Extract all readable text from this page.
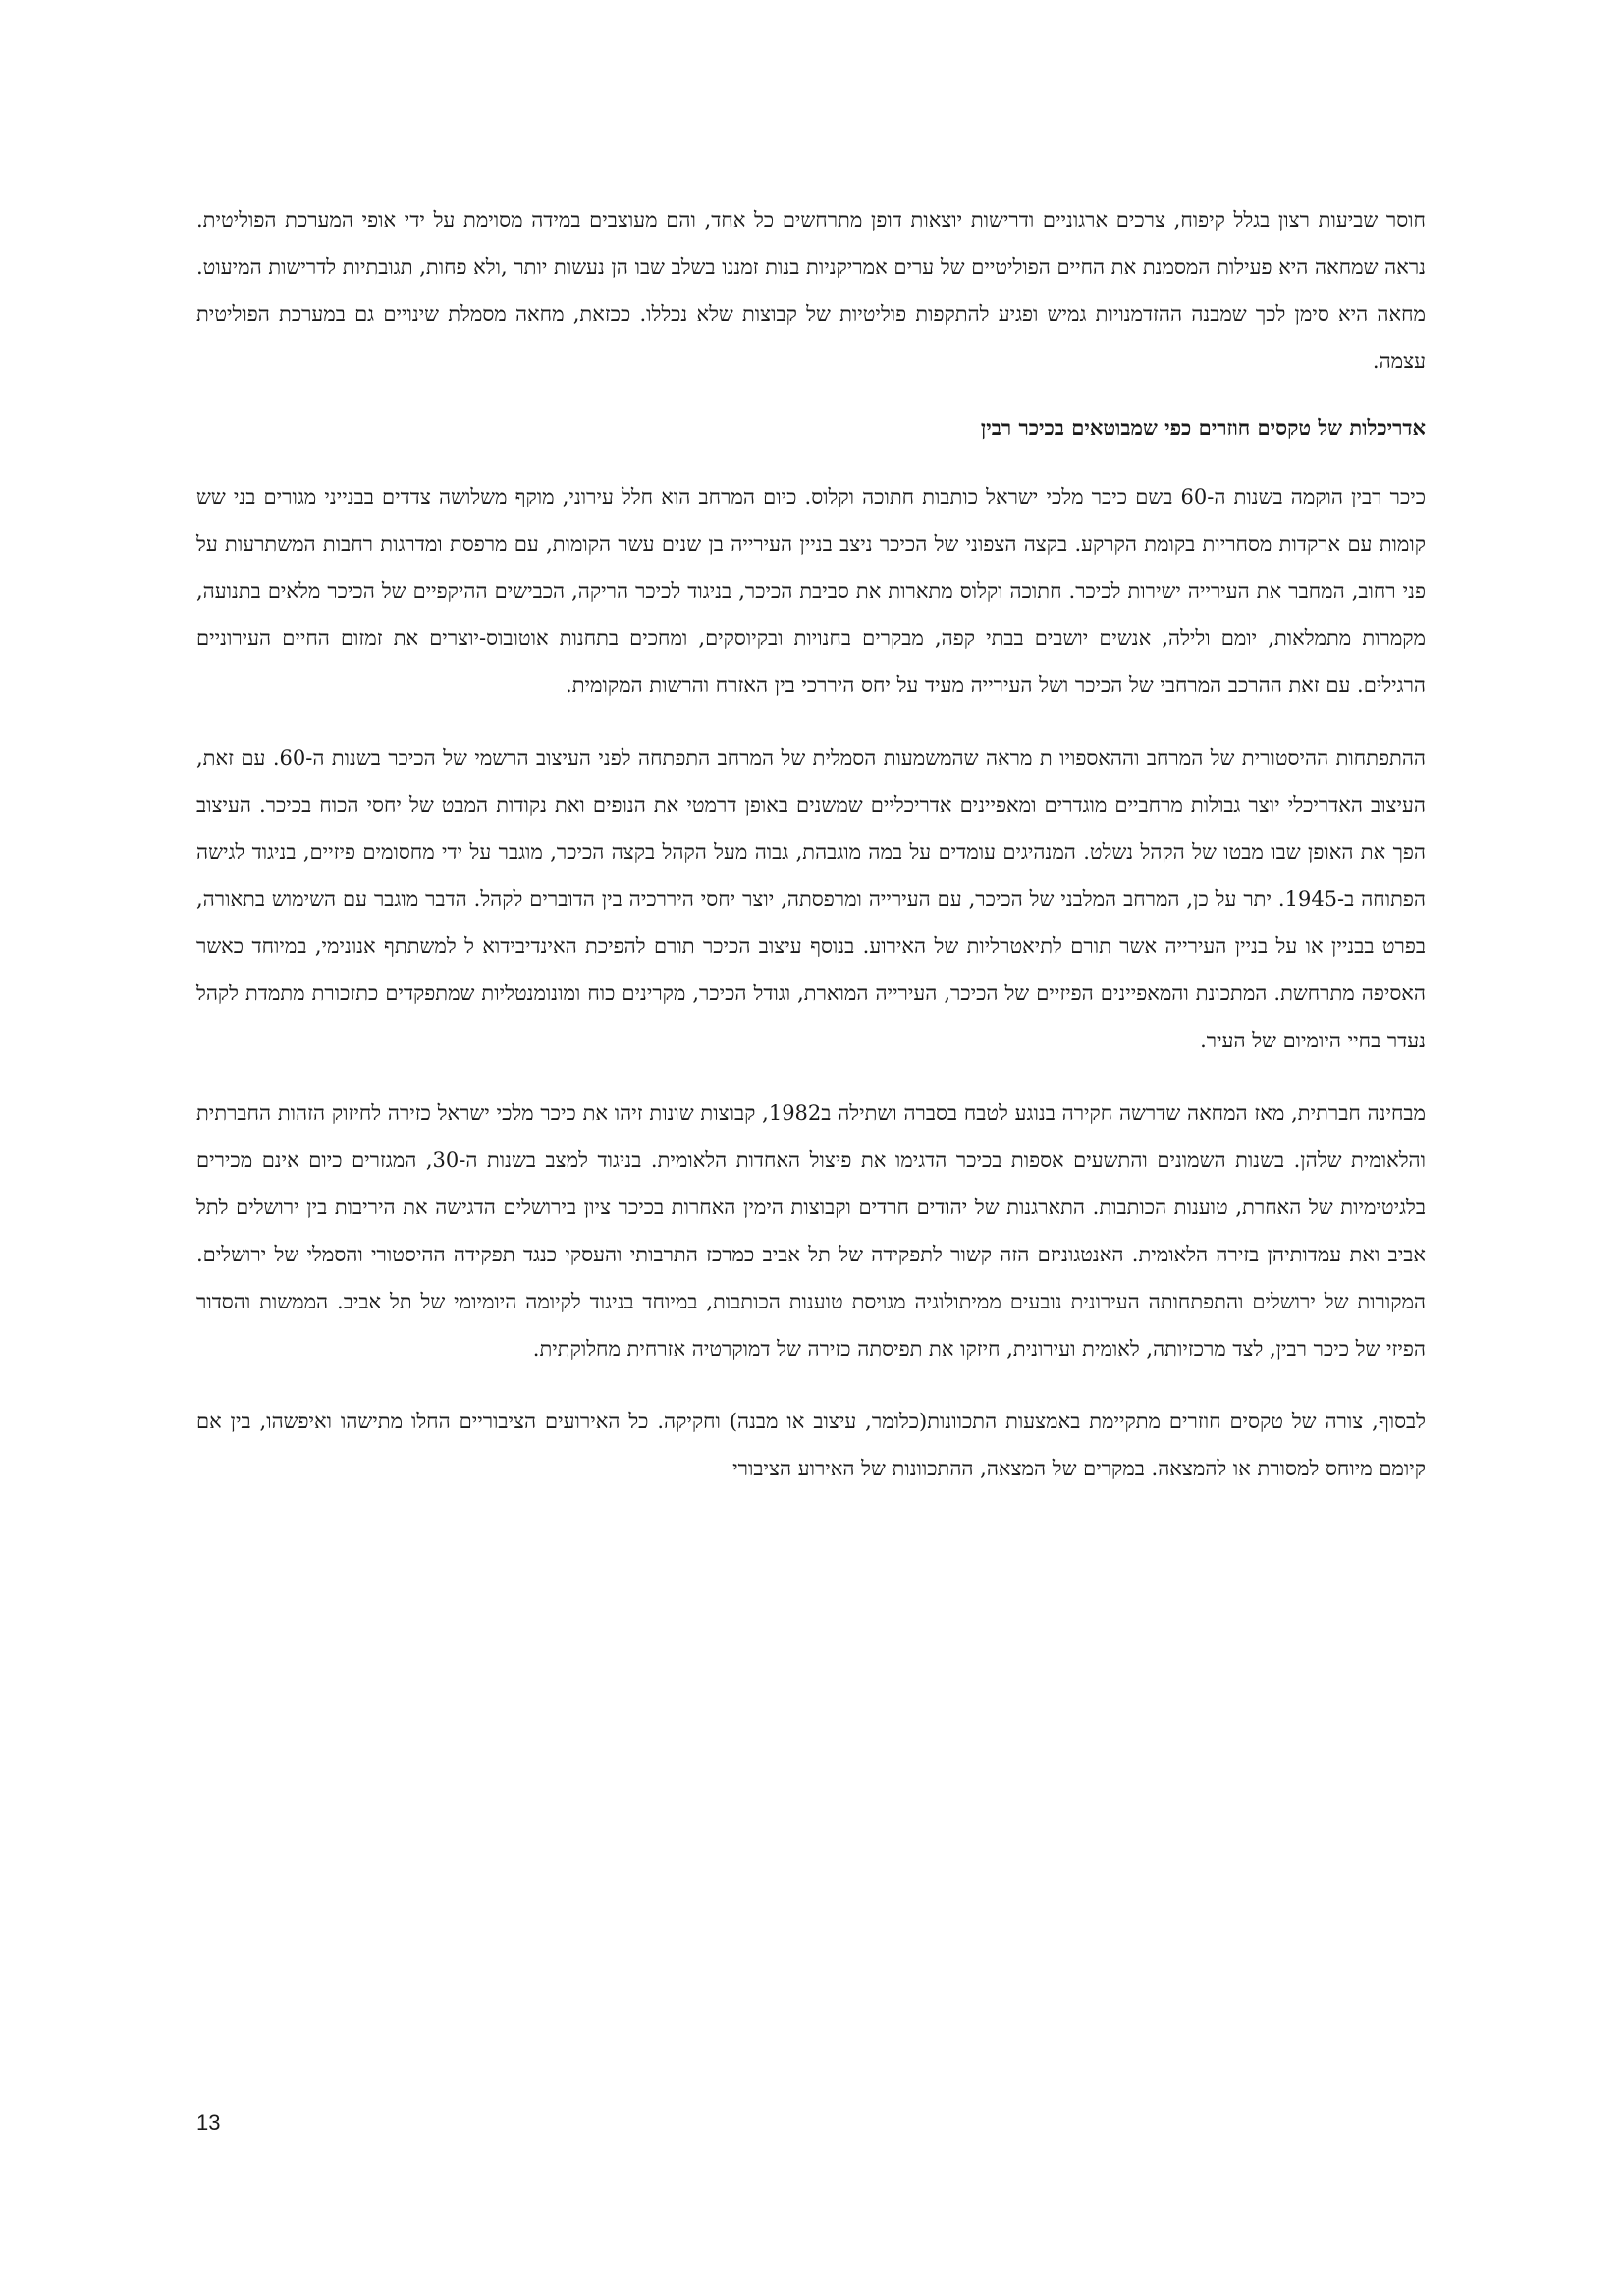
חוסר שביעות רצון בגלל קיפוח, צרכים ארגוניים ודרישות יוצאות דופן מתרחשים כל אחד, והם מעוצבים במידה מסוימת על ידי אופי המערכת הפוליטית. נראה שמחאה היא פעילות המסמנת את החיים הפוליטיים של ערים אמריקניות בנות זמננו בשלב שבו הן נעשות יותר ,ולא פחות, תגובתיות לדרישות המיעוט. מחאה היא סימן לכך שמבנה ההזדמנויות גמיש ופגיע להתקפות פוליטיות של קבוצות שלא נכללו. ככזאת, מחאה מסמלת שינויים גם במערכת הפוליטית עצמה.

אדריכלות של טקסים חוזרים כפי שמבוטאים בכיכר רבין

כיכר רבין הוקמה בשנות ה-60 בשם כיכר מלכי ישראל כותבות חתוכה וקלוס. כיום המרחב הוא חלל עירוני, מוקף משלושה צדדים בבנייני מגורים בני שש קומות עם ארקדות מסחריות בקומת הקרקע. בקצה הצפוני של הכיכר ניצב בניין העירייה בן שנים עשר הקומות, עם מרפסת ומדרגות רחבות המשתרעות על פני רחוב, המחבר את העירייה ישירות לכיכר. חתוכה וקלוס מתארות את סביבת הכיכר, בניגוד לכיכר הריקה, הכבישים ההיקפיים של הכיכר מלאים בתנועה, מקמרות מתמלאות, יומם ולילה, אנשים יושבים בבתי קפה, מבקרים בחנויות ובקיוסקים, ומחכים בתחנות אוטובוס-יוצרים את זמזום החיים העירוניים הרגילים. עם זאת ההרכב המרחבי של הכיכר ושל העירייה מעיד על יחס היררכי בין האזרח והרשות המקומית.

ההתפתחות ההיסטורית של המרחב וההאספויו ת מראה שהמשמעות הסמלית של המרחב התפתחה לפני העיצוב הרשמי של הכיכר בשנות ה-60. עם זאת, העיצוב האדריכלי יוצר גבולות מרחביים מוגדרים ומאפיינים אדריכליים שמשנים באופן דרמטי את הנופים ואת נקודות המבט של יחסי הכוח בכיכר. העיצוב הפך את האופן שבו מבטו של הקהל נשלט. המנהיגים עומדים על במה מוגבהת, גבוה מעל הקהל בקצה הכיכר, מוגבר על ידי מחסומים פיזיים, בניגוד לגישה הפתוחה ב-1945. יתר על כן, המרחב המלבני של הכיכר, עם העירייה ומרפסתה, יוצר יחסי היררכיה בין הדוברים לקהל. הדבר מוגבר עם השימוש בתאורה, בפרט בבניין או על בניין העירייה אשר תורם לתיאטרליות של האירוע. בנוסף עיצוב הכיכר תורם להפיכת האינדיבידוא ל למשתתף אנונימי, במיוחד כאשר האסיפה מתרחשת. המתכונת והמאפיינים הפיזיים של הכיכר, העירייה המוארת, וגודל הכיכר, מקרינים כוח ומונומנטליות שמתפקדים כתזכורת מתמדת לקהל נעדר בחיי היומיום של העיר.

מבחינה חברתית, מאז המחאה שדרשה חקירה בנוגע לטבח בסברה ושתילה ב1982, קבוצות שונות זיהו את כיכר מלכי ישראל כזירה לחיזוק הזהות החברתית והלאומית שלהן. בשנות השמונים והתשעים אספות בכיכר הדגימו את פיצול האחדות הלאומית. בניגוד למצב בשנות ה-30, המגזרים כיום אינם מכירים בלגיטימיות של האחרת, טוענות הכותבות. התארגנות של יהודים חרדים וקבוצות הימין האחרות בכיכר ציון בירושלים הדגישה את היריבות בין ירושלים לתל אביב ואת עמדותיהן בזירה הלאומית. האנטגוניזם הזה קשור לתפקידה של תל אביב כמרכז התרבותי והעסקי כנגד תפקידה ההיסטורי והסמלי של ירושלים. המקורות של ירושלים והתפתחותה העירונית נובעים ממיתולוגיה מגויסת טוענות הכותבות, במיוחד בניגוד לקיומה היומיומי של תל אביב. הממשות והסדור הפיזי של כיכר רבין, לצד מרכזיותה, לאומית ועירונית, חיזקו את תפיסתה כזירה של דמוקרטיה אזרחית מחלוקתית.

לבסוף, צורה של טקסים חוזרים מתקיימת באמצעות התכוונות(כלומר, עיצוב או מבנה) וחקיקה. כל האירועים הציבוריים החלו מתישהו ואיפשהו, בין אם קיומם מיוחס למסורת או להמצאה. במקרים של המצאה, ההתכוונות של האירוע הציבורי

13
